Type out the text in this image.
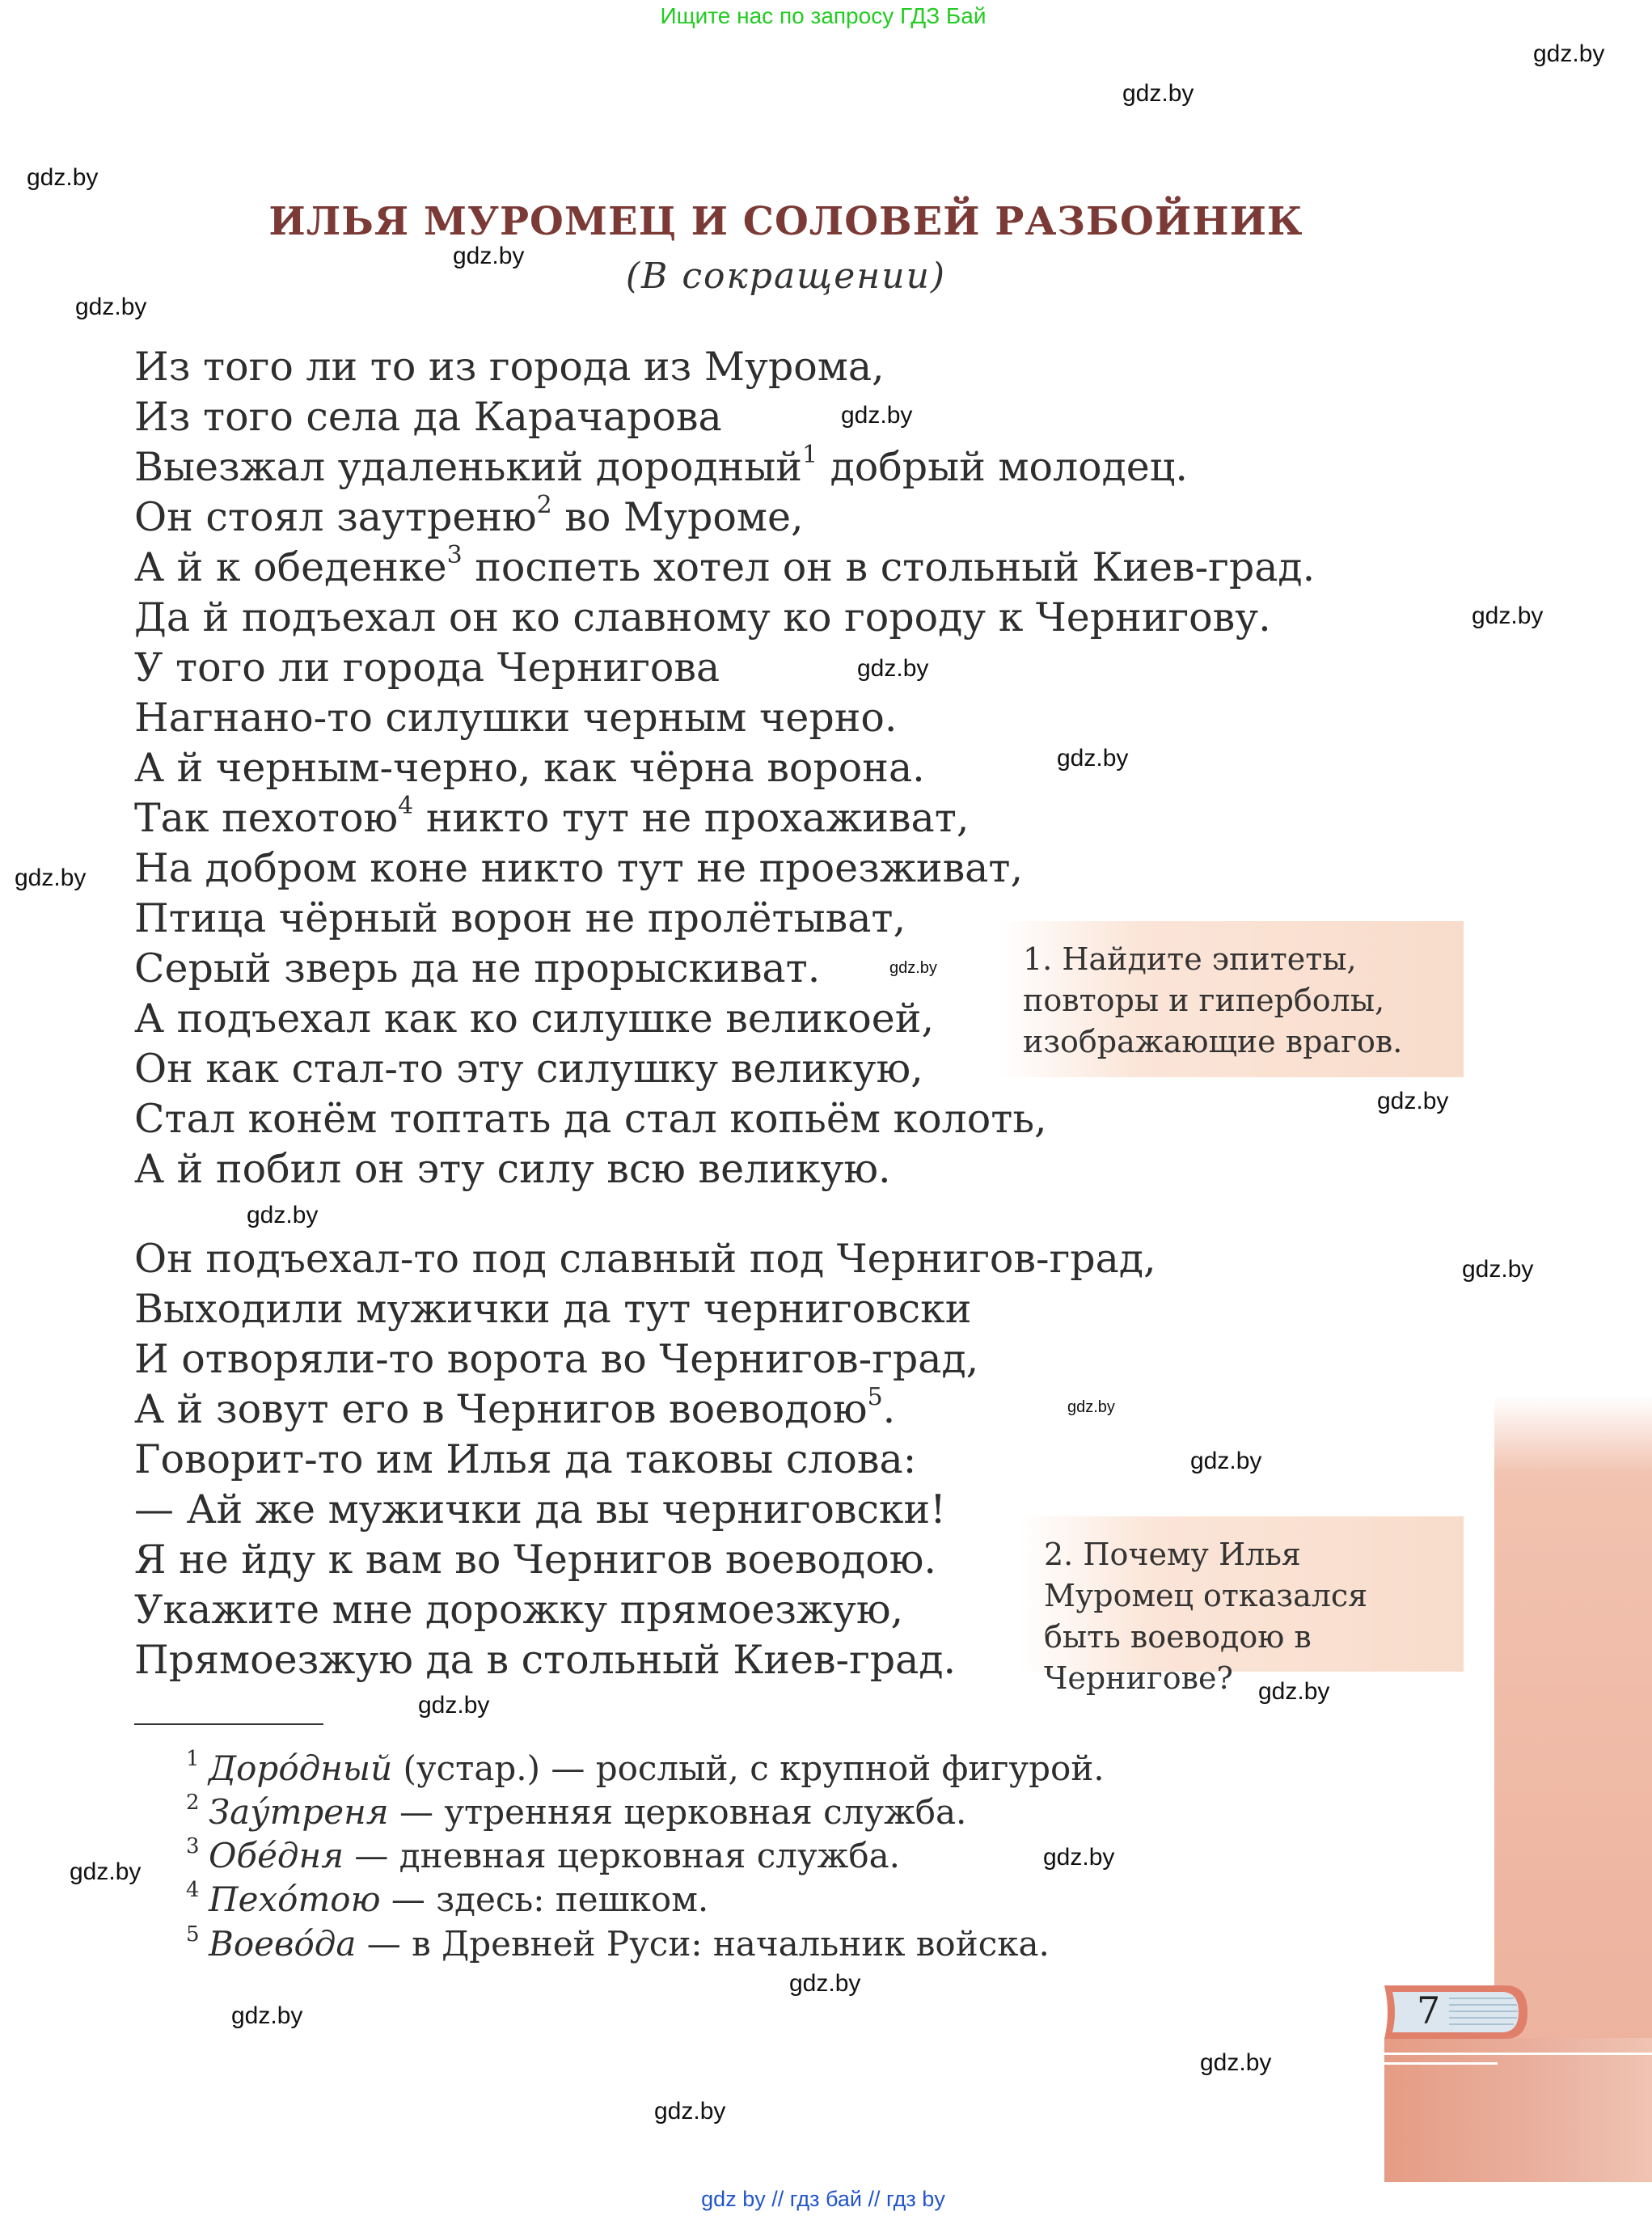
Ищите нас по запросу ГДЗ Бай
ИЛЬЯ МУРОМЕЦ И СОЛОВЕЙ РАЗБОЙНИК
(В сокращении)
Из того ли то из города из Мурома,
Из того села да Карачарова
Выезжал удаленький дородный$^1$ добрый молодец.
Он стоял заутреню$^2$ во Муроме,
А й к обеденке$^3$ поспеть хотел он в стольный Киев-град.
Да й подъехал он ко славному ко городу к Чернигову.
У того ли города Чернигова
Нагнано-то силушки черным черно.
А й черным-черно, как чёрна ворона.
Так пехотою$^4$ никто тут не прохаживат,
На добром коне никто тут не проезживат,
Птица чёрный ворон не пролётыват,
Серый зверь да не прорыскиват.
А подъехал как ко силушке великоей,
Он как стал-то эту силушку великую,
Стал конём топтать да стал копьём колоть,
А й побил он эту силу всю великую.
Он подъехал-то под славный под Чернигов-град,
Выходили мужички да тут черниговски
И отворяли-то ворота во Чернигов-град,
А й зовут его в Чернигов воеводою$^5$.
Говорит-то им Илья да таковы слова:
— Ай же мужички да вы черниговски!
Я не йду к вам во Чернигов воеводою.
Укажите мне дорожку прямоезжую,
Прямоезжую да в стольный Киев-град.
1. Найдите эпитеты, повторы и гиперболы, изображающие врагов.
2. Почему Илья Муромец отказался быть воеводою в Чернигове?
1 Доро́дный (устар.) — рослый, с крупной фигурой.
2 Зау́треня — утренняя церковная служба.
3 Обе́дня — дневная церковная служба.
4 Пехо́тою — здесь: пешком.
5 Воево́да — в Древней Руси: начальник войска.
7
gdz.by
gdz.by
gdz.by
gdz.by
gdz.by
gdz.by
gdz.by
gdz.by
gdz.by
gdz.by
gdz.by
gdz.by
gdz.by
gdz.by
gdz.by
gdz.by
gdz.by
gdz.by
gdz.by
gdz.by
gdz.by
gdz.by
gdz.by
gdz.by
gdz by // гдз бай // гдз by
